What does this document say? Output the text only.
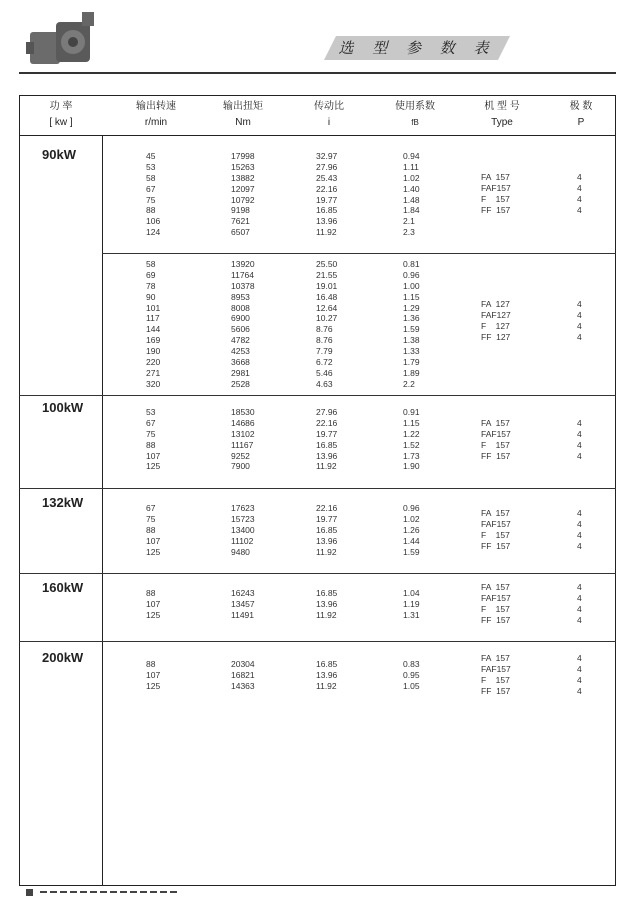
选 型 参 数 表
功 率
[ kw ]
输出转速
r/min
输出扭矩
Nm
传动比
i
使用系数
fB
机 型 号
Type
极 数
P
90kW
100kW
132kW
160kW
200kW
45
53
58
67
75
88
106
124
17998
15263
13882
12097
10792
9198
7621
6507
32.97
27.96
25.43
22.16
19.77
16.85
13.96
11.92
0.94
1.11
1.02
1.40
1.48
1.84
2.1
2.3
FA  157
FAF157
F    157
FF  157
4
4
4
4
58
69
78
90
101
117
144
169
190
220
271
320
13920
11764
10378
8953
8008
6900
5606
4782
4253
3668
2981
2528
25.50
21.55
19.01
16.48
12.64
10.27
8.76
8.76
7.79
6.72
5.46
4.63
0.81
0.96
1.00
1.15
1.29
1.36
1.59
1.38
1.33
1.79
1.89
2.2
FA  127
FAF127
F    127
FF  127
4
4
4
4
53
67
75
88
107
125
18530
14686
13102
11167
9252
7900
27.96
22.16
19.77
16.85
13.96
11.92
0.91
1.15
1.22
1.52
1.73
1.90
FA  157
FAF157
F    157
FF  157
4
4
4
4
67
75
88
107
125
17623
15723
13400
11102
9480
22.16
19.77
16.85
13.96
11.92
0.96
1.02
1.26
1.44
1.59
FA  157
FAF157
F    157
FF  157
4
4
4
4
88
107
125
16243
13457
11491
16.85
13.96
11.92
1.04
1.19
1.31
FA  157
FAF157
F    157
FF  157
4
4
4
4
88
107
125
20304
16821
14363
16.85
13.96
11.92
0.83
0.95
1.05
FA  157
FAF157
F    157
FF  157
4
4
4
4
